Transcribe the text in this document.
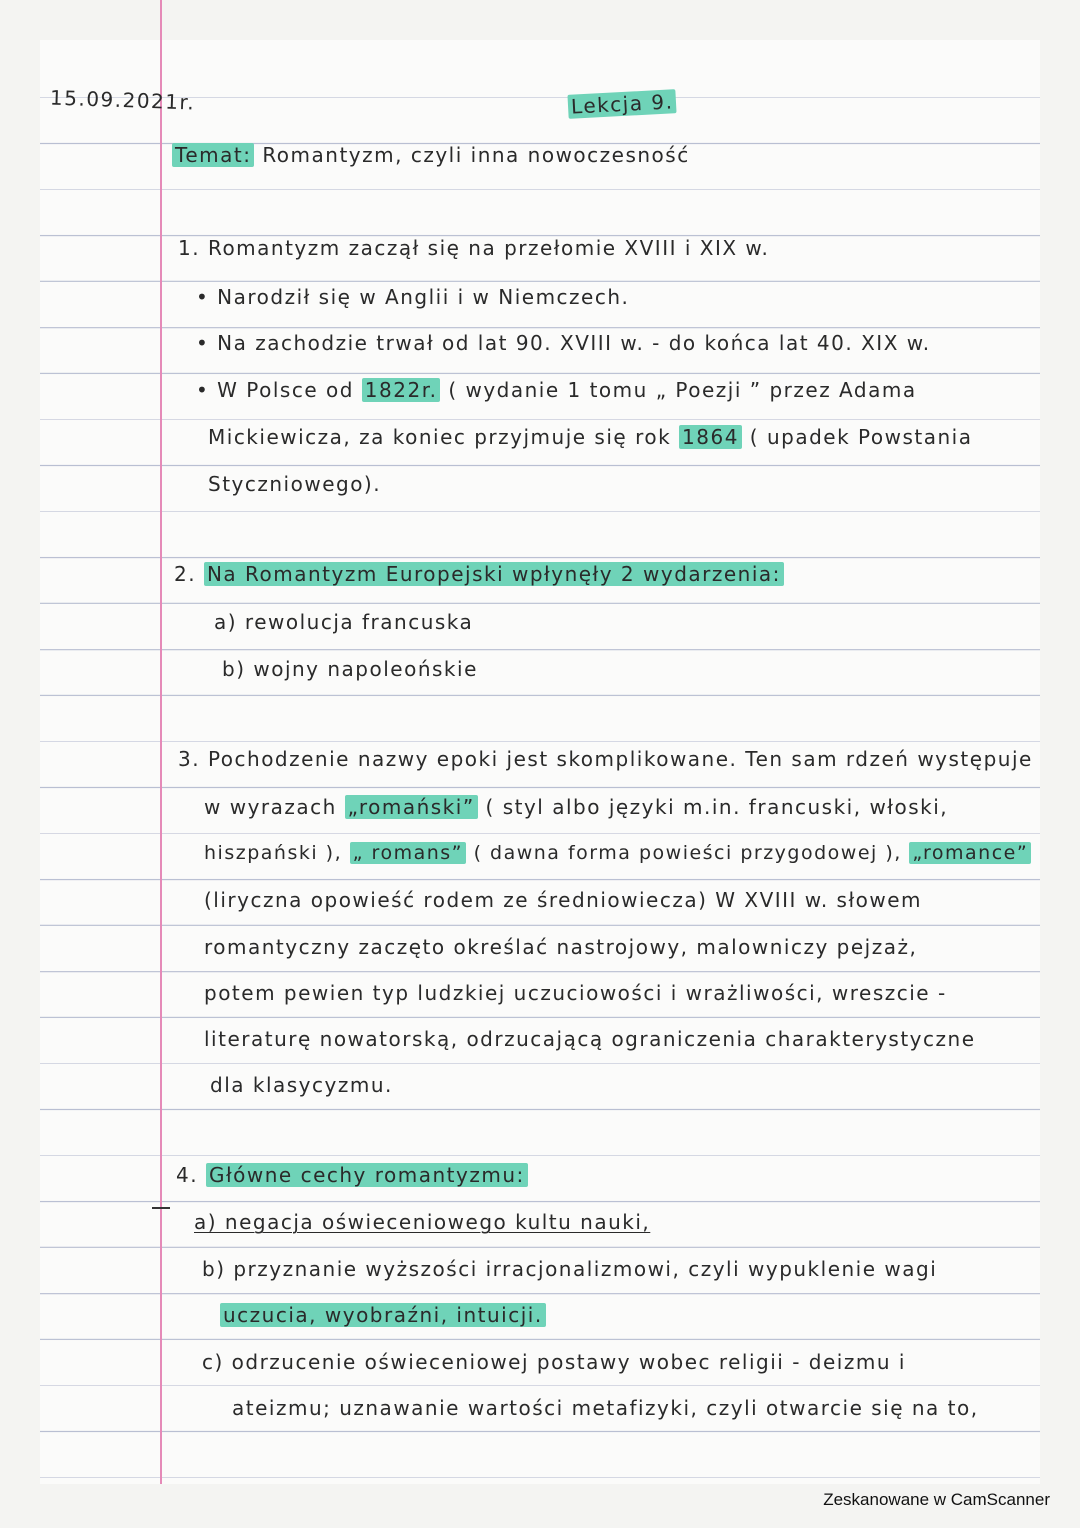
15.09.2021r.	Lekcja 9.
Temat: Romantyzm, czyli inna nowoczesność
1. Romantyzm zaczął się na przełomie XVIII i XIX w.
• Narodził się w Anglii i w Niemczech.
• Na zachodzie trwał od lat 90. XVIII w. - do końca lat 40. XIX w.
• W Polsce od 1822r. ( wydanie 1 tomu „ Poezji ” przez Adama
Mickiewicza, za koniec przyjmuje się rok 1864 ( upadek Powstania
Styczniowego).
2. Na Romantyzm Europejski wpłynęły 2 wydarzenia:
a) rewolucja francuska
b) wojny napoleońskie
3. Pochodzenie nazwy epoki jest skomplikowane. Ten sam rdzeń występuje
w wyrazach „romański” ( styl albo języki m.in. francuski, włoski,
hiszpański ), „ romans” ( dawna forma powieści przygodowej ), „romance”
(liryczna opowieść rodem ze średniowiecza) W XVIII w. słowem
romantyczny zaczęto określać nastrojowy, malowniczy pejzaż,
potem pewien typ ludzkiej uczuciowości i wrażliwości, wreszcie -
literaturę nowatorską, odrzucającą ograniczenia charakterystyczne
dla klasycyzmu.
4. Główne cechy romantyzmu:
a) negacja oświeceniowego kultu nauki,
b) przyznanie wyższości irracjonalizmowi, czyli wypuklenie wagi
uczucia, wyobraźni, intuicji.
c) odrzucenie oświeceniowej postawy wobec religii - deizmu i
ateizmu; uznawanie wartości metafizyki, czyli otwarcie się na to,
Zeskanowane w CamScanner
